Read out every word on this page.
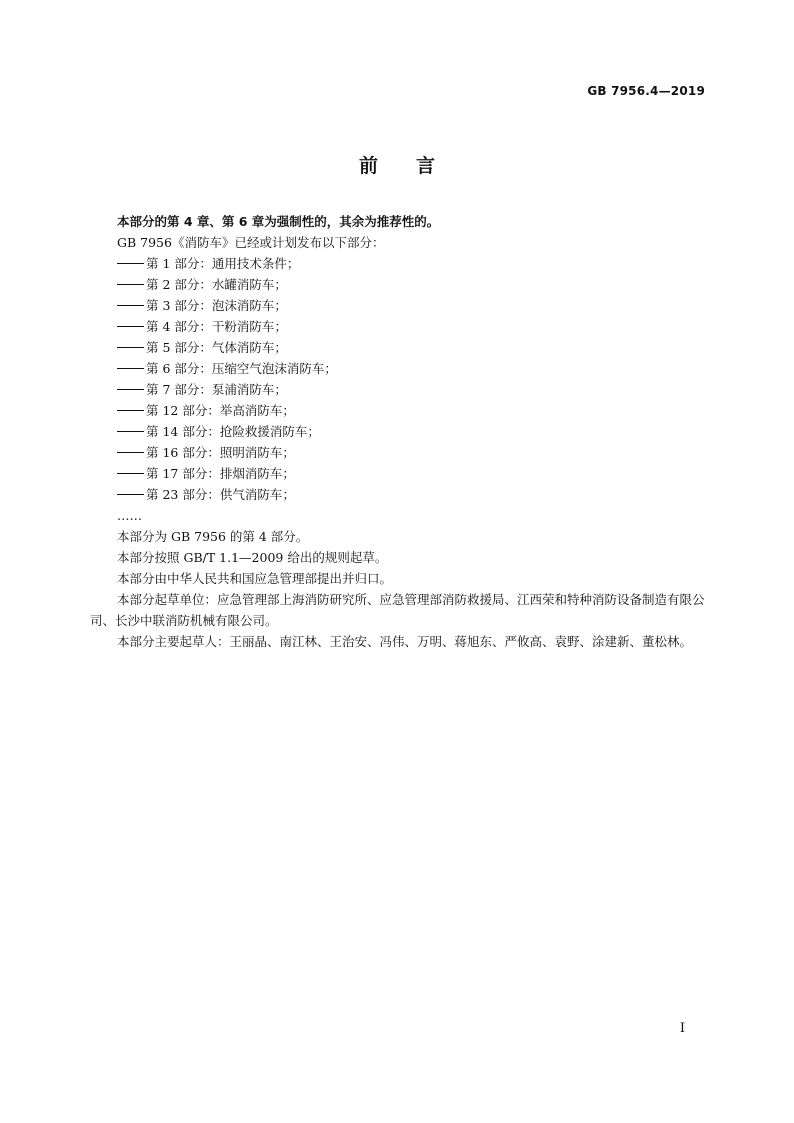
GB 7956.4—2019
前言

本部分的第 4 章、第 6 章为强制性的，其余为推荐性的。

GB 7956《消防车》已经或计划发布以下部分：

第 1 部分：通用技术条件；

第 2 部分：水罐消防车；

第 3 部分：泡沫消防车；

第 4 部分：干粉消防车；

第 5 部分：气体消防车；

第 6 部分：压缩空气泡沫消防车；

第 7 部分：泵浦消防车；

第 12 部分：举高消防车；

第 14 部分：抢险救援消防车；

第 16 部分：照明消防车；

第 17 部分：排烟消防车；

第 23 部分：供气消防车；

……

本部分为 GB 7956 的第 4 部分。

本部分按照 GB/T 1.1—2009 给出的规则起草。

本部分由中华人民共和国应急管理部提出并归口。

本部分起草单位：应急管理部上海消防研究所、应急管理部消防救援局、江西荣和特种消防设备制造有限公司、长沙中联消防机械有限公司。

本部分主要起草人：王丽晶、南江林、王治安、冯伟、万明、蒋旭东、严攸高、袁野、涂建新、董松林。

I
